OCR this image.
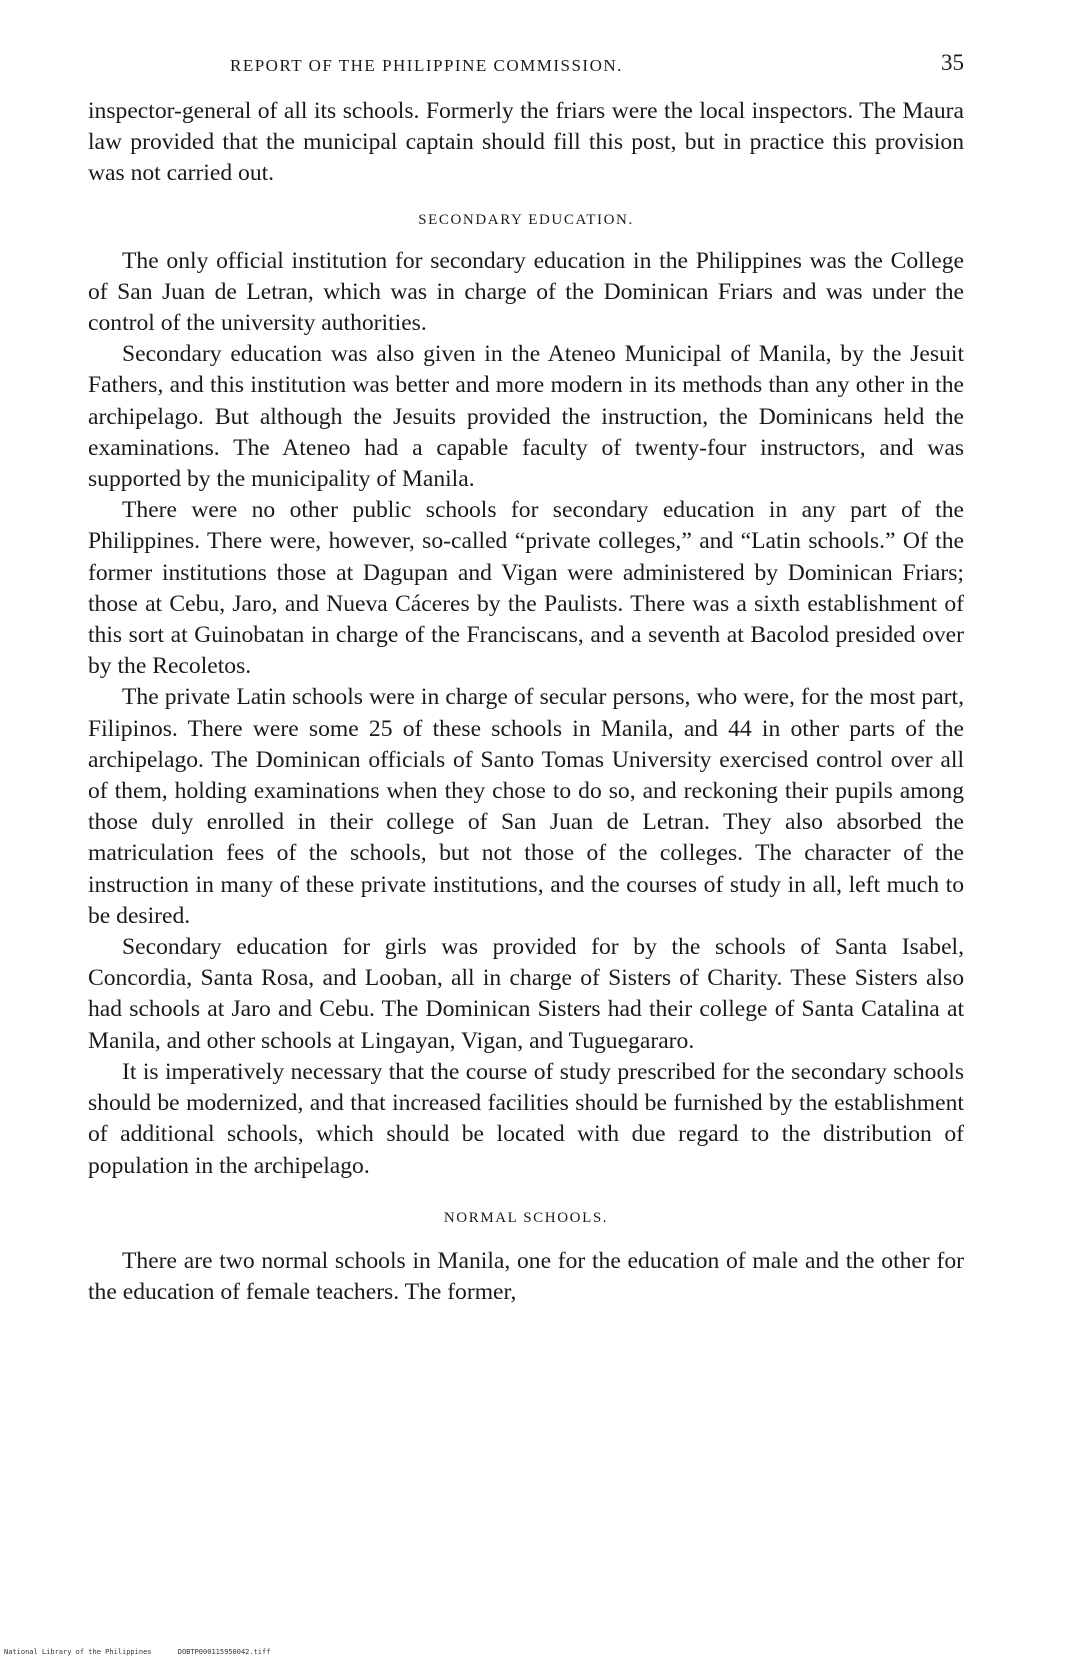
REPORT OF THE PHILIPPINE COMMISSION.	35

inspector-general of all its schools. Formerly the friars were the local inspectors. The Maura law provided that the municipal captain should fill this post, but in practice this provision was not carried out.

SECONDARY EDUCATION.

The only official institution for secondary education in the Philippines was the College of San Juan de Letran, which was in charge of the Dominican Friars and was under the control of the university authorities.

Secondary education was also given in the Ateneo Municipal of Manila, by the Jesuit Fathers, and this institution was better and more modern in its methods than any other in the archipelago. But although the Jesuits provided the instruction, the Dominicans held the examinations. The Ateneo had a capable faculty of twenty-four instructors, and was supported by the municipality of Manila.

There were no other public schools for secondary education in any part of the Philippines. There were, however, so-called “private colleges,” and “Latin schools.” Of the former institutions those at Dagupan and Vigan were administered by Dominican Friars; those at Cebu, Jaro, and Nueva Cáceres by the Paulists. There was a sixth establishment of this sort at Guinobatan in charge of the Franciscans, and a seventh at Bacolod presided over by the Recoletos.

The private Latin schools were in charge of secular persons, who were, for the most part, Filipinos. There were some 25 of these schools in Manila, and 44 in other parts of the archipelago. The Dominican officials of Santo Tomas University exercised control over all of them, holding examinations when they chose to do so, and reckoning their pupils among those duly enrolled in their college of San Juan de Letran. They also absorbed the matriculation fees of the schools, but not those of the colleges. The character of the instruction in many of these private institutions, and the courses of study in all, left much to be desired.

Secondary education for girls was provided for by the schools of Santa Isabel, Concordia, Santa Rosa, and Looban, all in charge of Sisters of Charity. These Sisters also had schools at Jaro and Cebu. The Dominican Sisters had their college of Santa Catalina at Manila, and other schools at Lingayan, Vigan, and Tuguegararo.

It is imperatively necessary that the course of study prescribed for the secondary schools should be modernized, and that increased facilities should be furnished by the establishment of additional schools, which should be located with due regard to the distribution of population in the archipelago.

NORMAL SCHOOLS.

There are two normal schools in Manila, one for the education of male and the other for the education of female teachers. The former,

National Library of the Philippines	DOBTP000115950042.tiff
